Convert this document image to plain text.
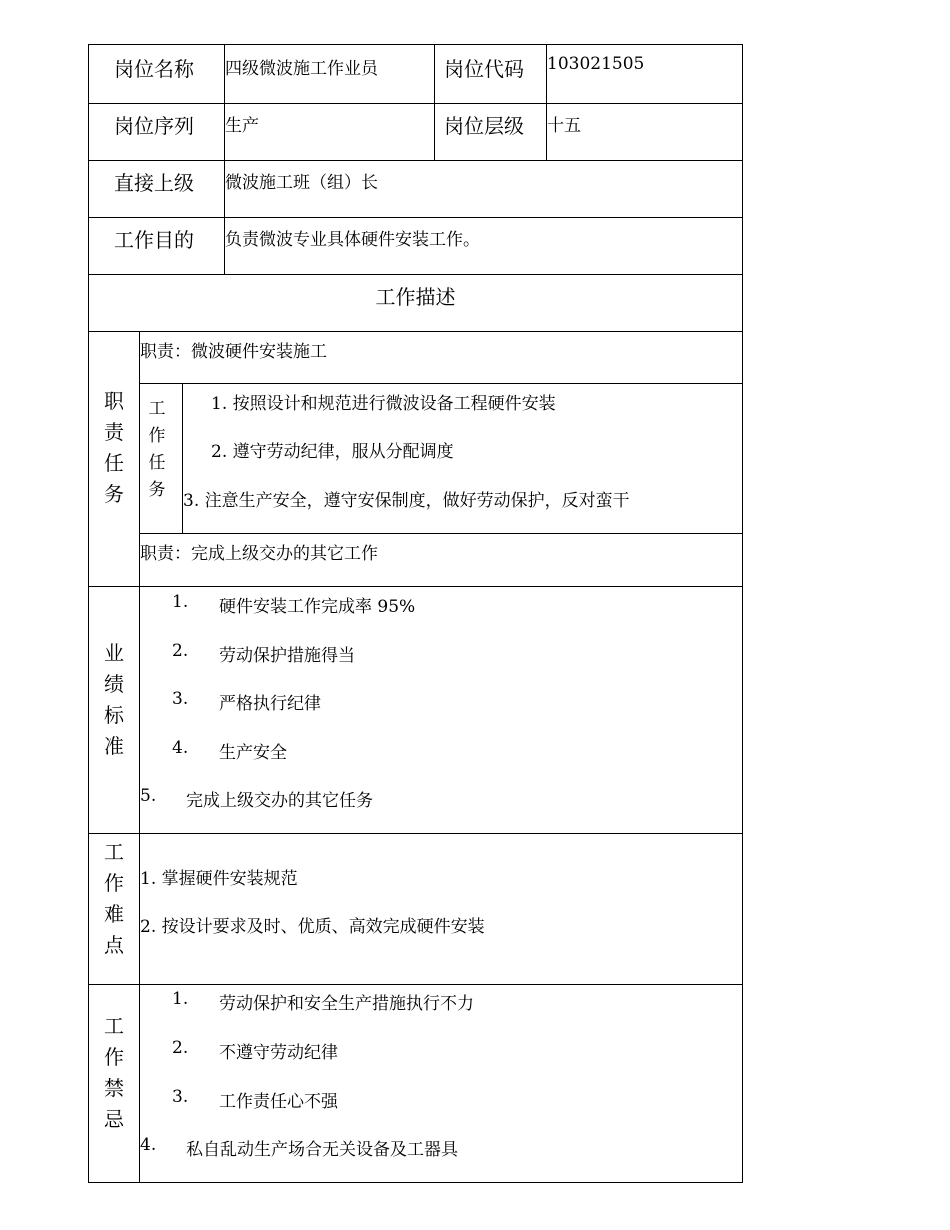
岗位名称 四级微波施工作业员	岗位代码 103021505
岗位序列 生产	岗位层级 十五
直接上级 微波施工班（组）长
工作目的 负责微波专业具体硬件安装工作。
工作描述
职责任务
职责：微波硬件安装施工
工作任务
1. 按照设计和规范进行微波设备工程硬件安装
2. 遵守劳动纪律，服从分配调度
3. 注意生产安全，遵守安保制度，做好劳动保护，反对蛮干
职责：完成上级交办的其它工作
业绩标准
1. 硬件安装工作完成率 95%
2. 劳动保护措施得当
3. 严格执行纪律
4. 生产安全
5. 完成上级交办的其它任务
工作难点
1. 掌握硬件安装规范
2. 按设计要求及时、优质、高效完成硬件安装
工作禁忌
1. 劳动保护和安全生产措施执行不力
2. 不遵守劳动纪律
3. 工作责任心不强
4. 私自乱动生产场合无关设备及工器具
